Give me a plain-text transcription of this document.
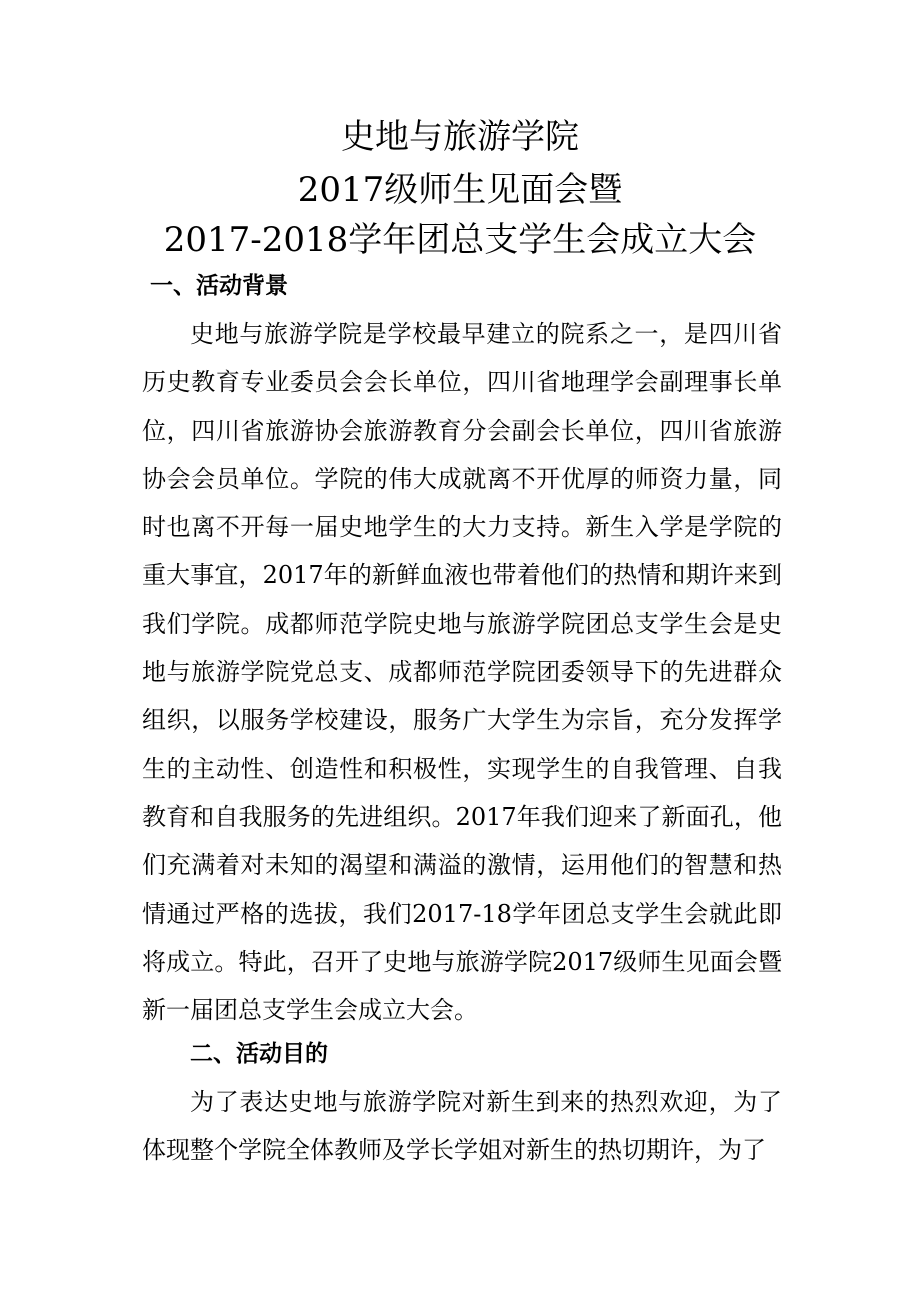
史地与旅游学院
2017级师生见面会暨
2017-2018学年团总支学生会成立大会
一、活动背景
史地与旅游学院是学校最早建立的院系之一，是四川省历史教育专业委员会会长单位，四川省地理学会副理事长单位，四川省旅游协会旅游教育分会副会长单位，四川省旅游协会会员单位。学院的伟大成就离不开优厚的师资力量，同时也离不开每一届史地学生的大力支持。新生入学是学院的重大事宜，2017年的新鲜血液也带着他们的热情和期许来到我们学院。成都师范学院史地与旅游学院团总支学生会是史地与旅游学院党总支、成都师范学院团委领导下的先进群众组织，以服务学校建设，服务广大学生为宗旨，充分发挥学生的主动性、创造性和积极性，实现学生的自我管理、自我教育和自我服务的先进组织。2017年我们迎来了新面孔，他们充满着对未知的渴望和满溢的激情，运用他们的智慧和热情通过严格的选拔，我们2017-18学年团总支学生会就此即将成立。特此，召开了史地与旅游学院2017级师生见面会暨新一届团总支学生会成立大会。
二、活动目的
为了表达史地与旅游学院对新生到来的热烈欢迎，为了体现整个学院全体教师及学长学姐对新生的热切期许，为了
